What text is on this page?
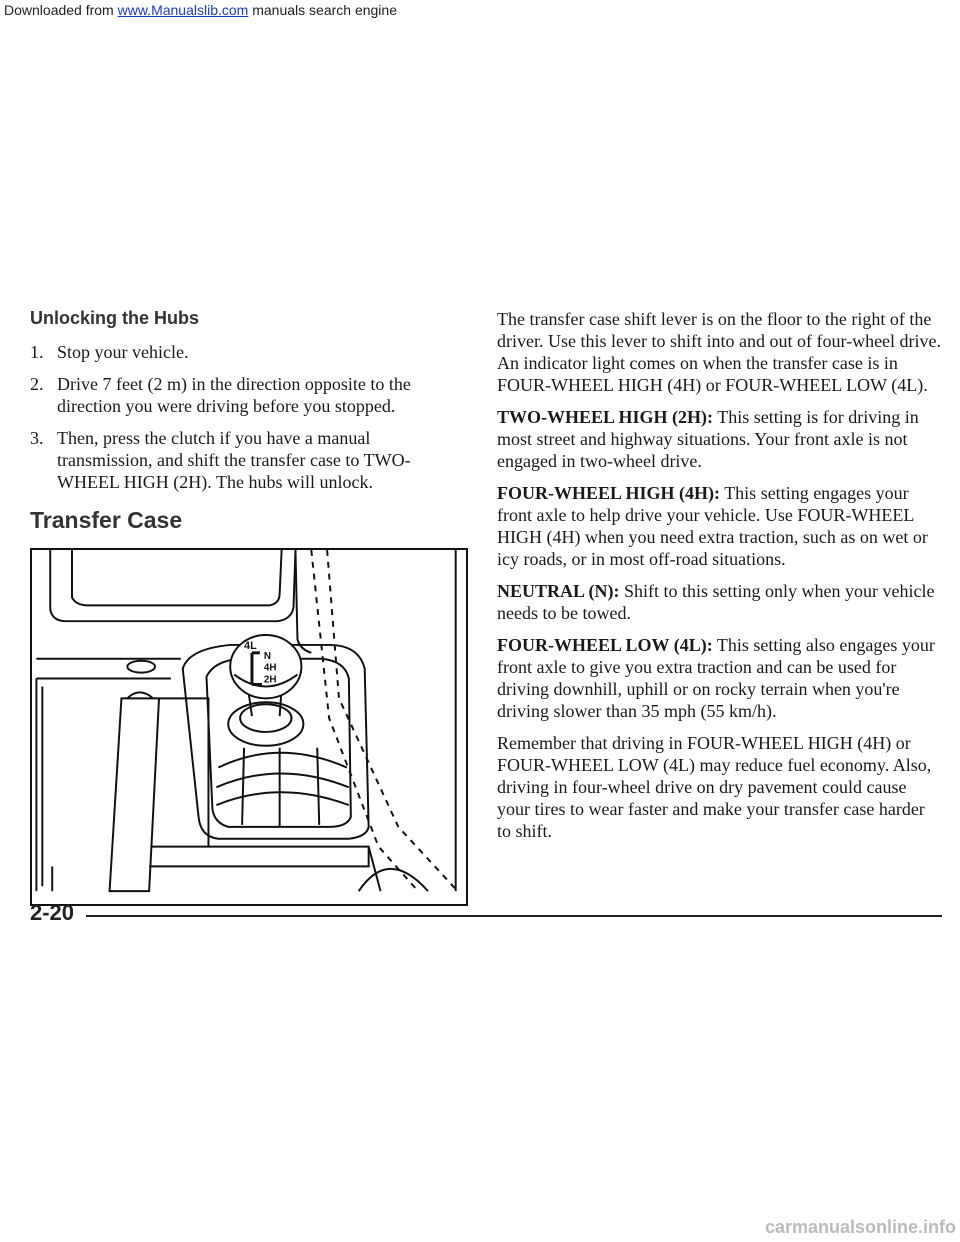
Downloaded from www.Manualslib.com manuals search engine
Unlocking the Hubs
1. Stop your vehicle.
2. Drive 7 feet (2 m) in the direction opposite to the direction you were driving before you stopped.
3. Then, press the clutch if you have a manual transmission, and shift the transfer case to TWO-WHEEL HIGH (2H). The hubs will unlock.
Transfer Case
4L
N
4H
2H

The transfer case shift lever is on the floor to the right of the driver. Use this lever to shift into and out of four-wheel drive. An indicator light comes on when the transfer case is in FOUR-WHEEL HIGH (4H) or FOUR-WHEEL LOW (4L).

TWO-WHEEL HIGH (2H): This setting is for driving in most street and highway situations. Your front axle is not engaged in two-wheel drive.

FOUR-WHEEL HIGH (4H): This setting engages your front axle to help drive your vehicle. Use FOUR-WHEEL HIGH (4H) when you need extra traction, such as on wet or icy roads, or in most off-road situations.

NEUTRAL (N): Shift to this setting only when your vehicle needs to be towed.

FOUR-WHEEL LOW (4L): This setting also engages your front axle to give you extra traction and can be used for driving downhill, uphill or on rocky terrain when you're driving slower than 35 mph (55 km/h).

Remember that driving in FOUR-WHEEL HIGH (4H) or FOUR-WHEEL LOW (4L) may reduce fuel economy. Also, driving in four-wheel drive on dry pavement could cause your tires to wear faster and make your transfer case harder to shift.

2-20
carmanualsonline.info
